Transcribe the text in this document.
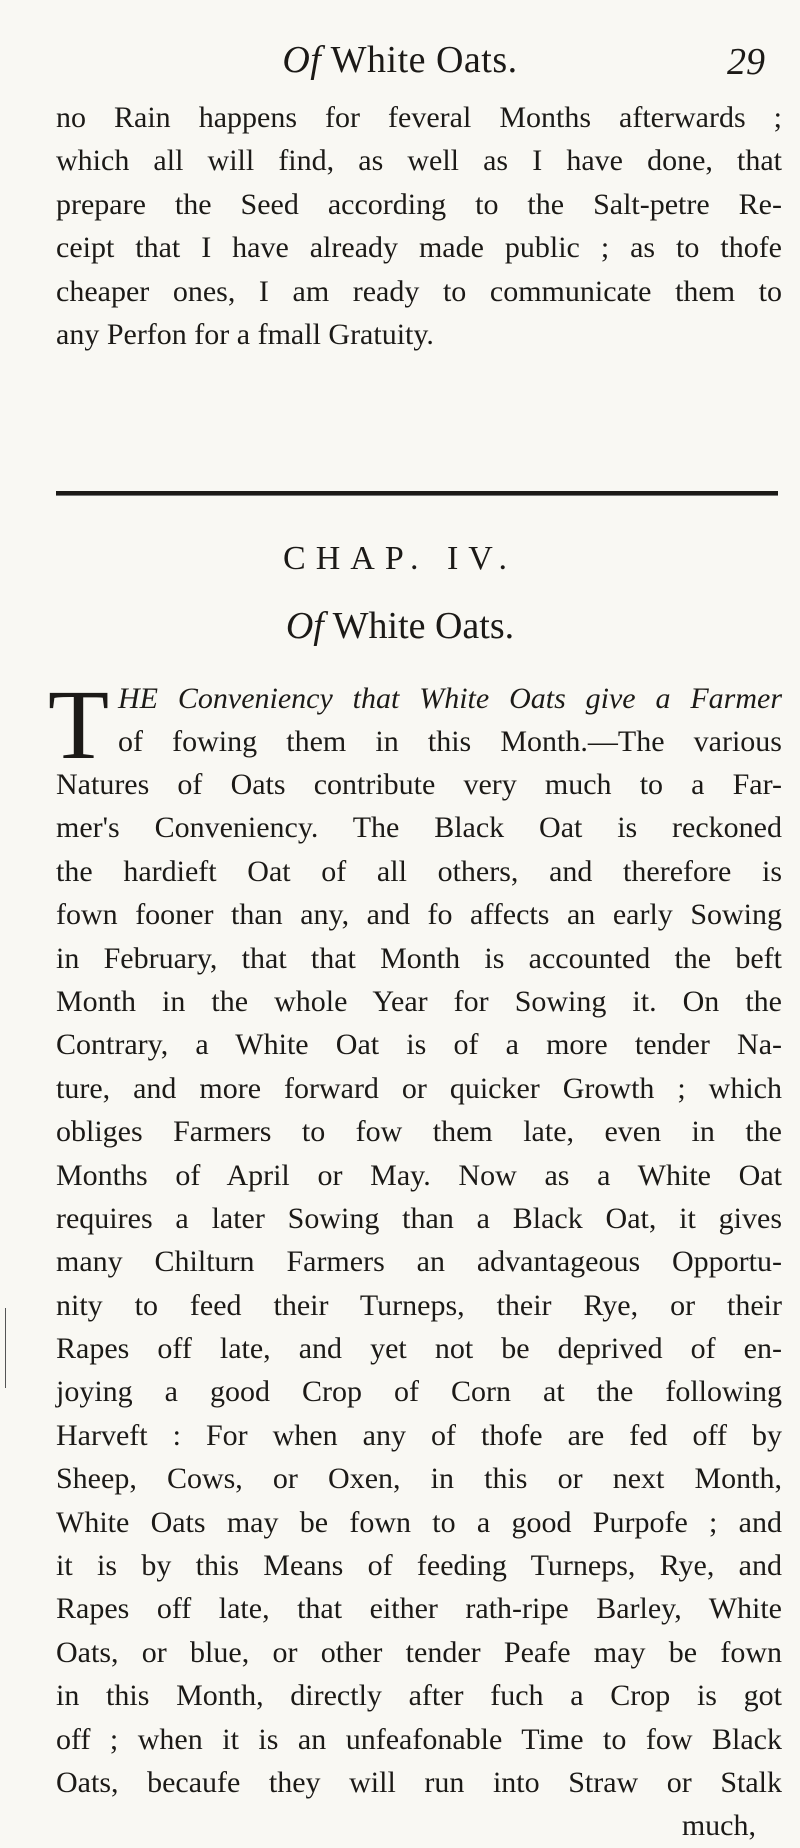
Of White Oats.	29
no Rain happens for feveral Months afterwards ;
which all will find, as well as I have done, that
prepare the Seed according to the Salt-petre Re-
ceipt that I have already made public ; as to thofe
cheaper ones, I am ready to communicate them to
any Perfon for a fmall Gratuity.
CHAP. IV.
Of White Oats.
T HE Conveniency that White Oats give a Farmer
of fowing them in this Month.—The various
Natures of Oats contribute very much to a Far-
mer's Conveniency. The Black Oat is reckoned
the hardieft Oat of all others, and therefore is
fown fooner than any, and fo affects an early Sowing
in February, that that Month is accounted the beft
Month in the whole Year for Sowing it. On the
Contrary, a White Oat is of a more tender Na-
ture, and more forward or quicker Growth ; which
obliges Farmers to fow them late, even in the
Months of April or May. Now as a White Oat
requires a later Sowing than a Black Oat, it gives
many Chilturn Farmers an advantageous Opportu-
nity to feed their Turneps, their Rye, or their
Rapes off late, and yet not be deprived of en-
joying a good Crop of Corn at the following
Harveft : For when any of thofe are fed off by
Sheep, Cows, or Oxen, in this or next Month,
White Oats may be fown to a good Purpofe ; and
it is by this Means of feeding Turneps, Rye, and
Rapes off late, that either rath-ripe Barley, White
Oats, or blue, or other tender Peafe may be fown
in this Month, directly after fuch a Crop is got
off ; when it is an unfeafonable Time to fow Black
Oats, becaufe they will run into Straw or Stalk
much,
